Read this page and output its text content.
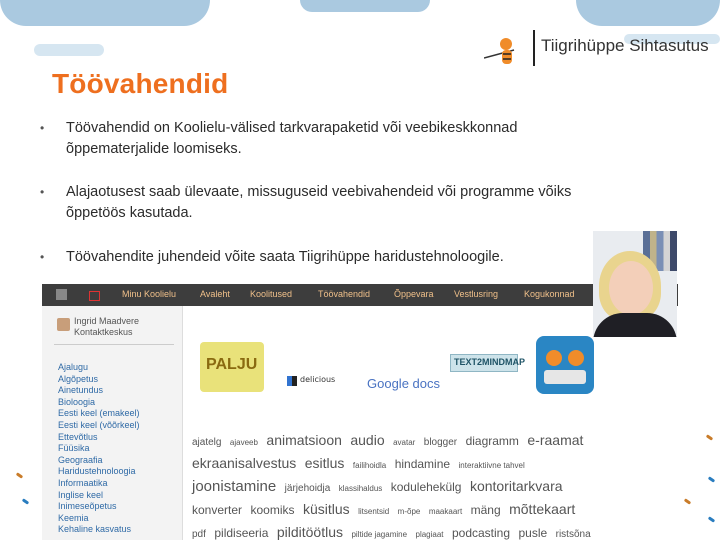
Tiigrihüppe Sihtasutus
Töövahendid
•	Töövahendid on Koolielu-välised tarkvarapaketid või veebikeskkonnad õppematerjalide loomiseks.
•	Alajaotusest saab ülevaate, missuguseid veebivahendeid või programme võiks õppetöös kasutada.
•	Töövahendite juhendeid võite saata Tiigrihüppe haridustehnoloogile.
Minu Koolielu	Avaleht Koolitused	Töövahendid	Õppevara Vestlusring	Kogukonnad
Ingrid Maadvere
Kontaktkeskus
Ajalugu
Algõpetus
Ainetundus
Bioloogia
Eesti keel (emakeel)
Eesti keel (võõrkeel)
Ettevõtlus
Füüsika
Geograafia
Haridustehnoloogia
Informaatika
Inglise keel
Inimeseõpetus
Keemia
Kehaline kasvatus
PALJU
delicious Google docs
TEXT2MINDMAP
ajatelg ajaveeb animatsioon audio avatar blogger diagramm e-raamat
ekraanisalvestus esitlus failihoidla hindamine interaktiivne tahvel
joonistamine järjehoidja klassihaldus kodulehekülg kontoritarkvara
konverter koomiks küsitlus litsentsid m-õpe maakaart mäng mõttekaart
pdf pildiseeria pilditöötlus piltide jagamine plagiaat podcasting pusle ristsõna
